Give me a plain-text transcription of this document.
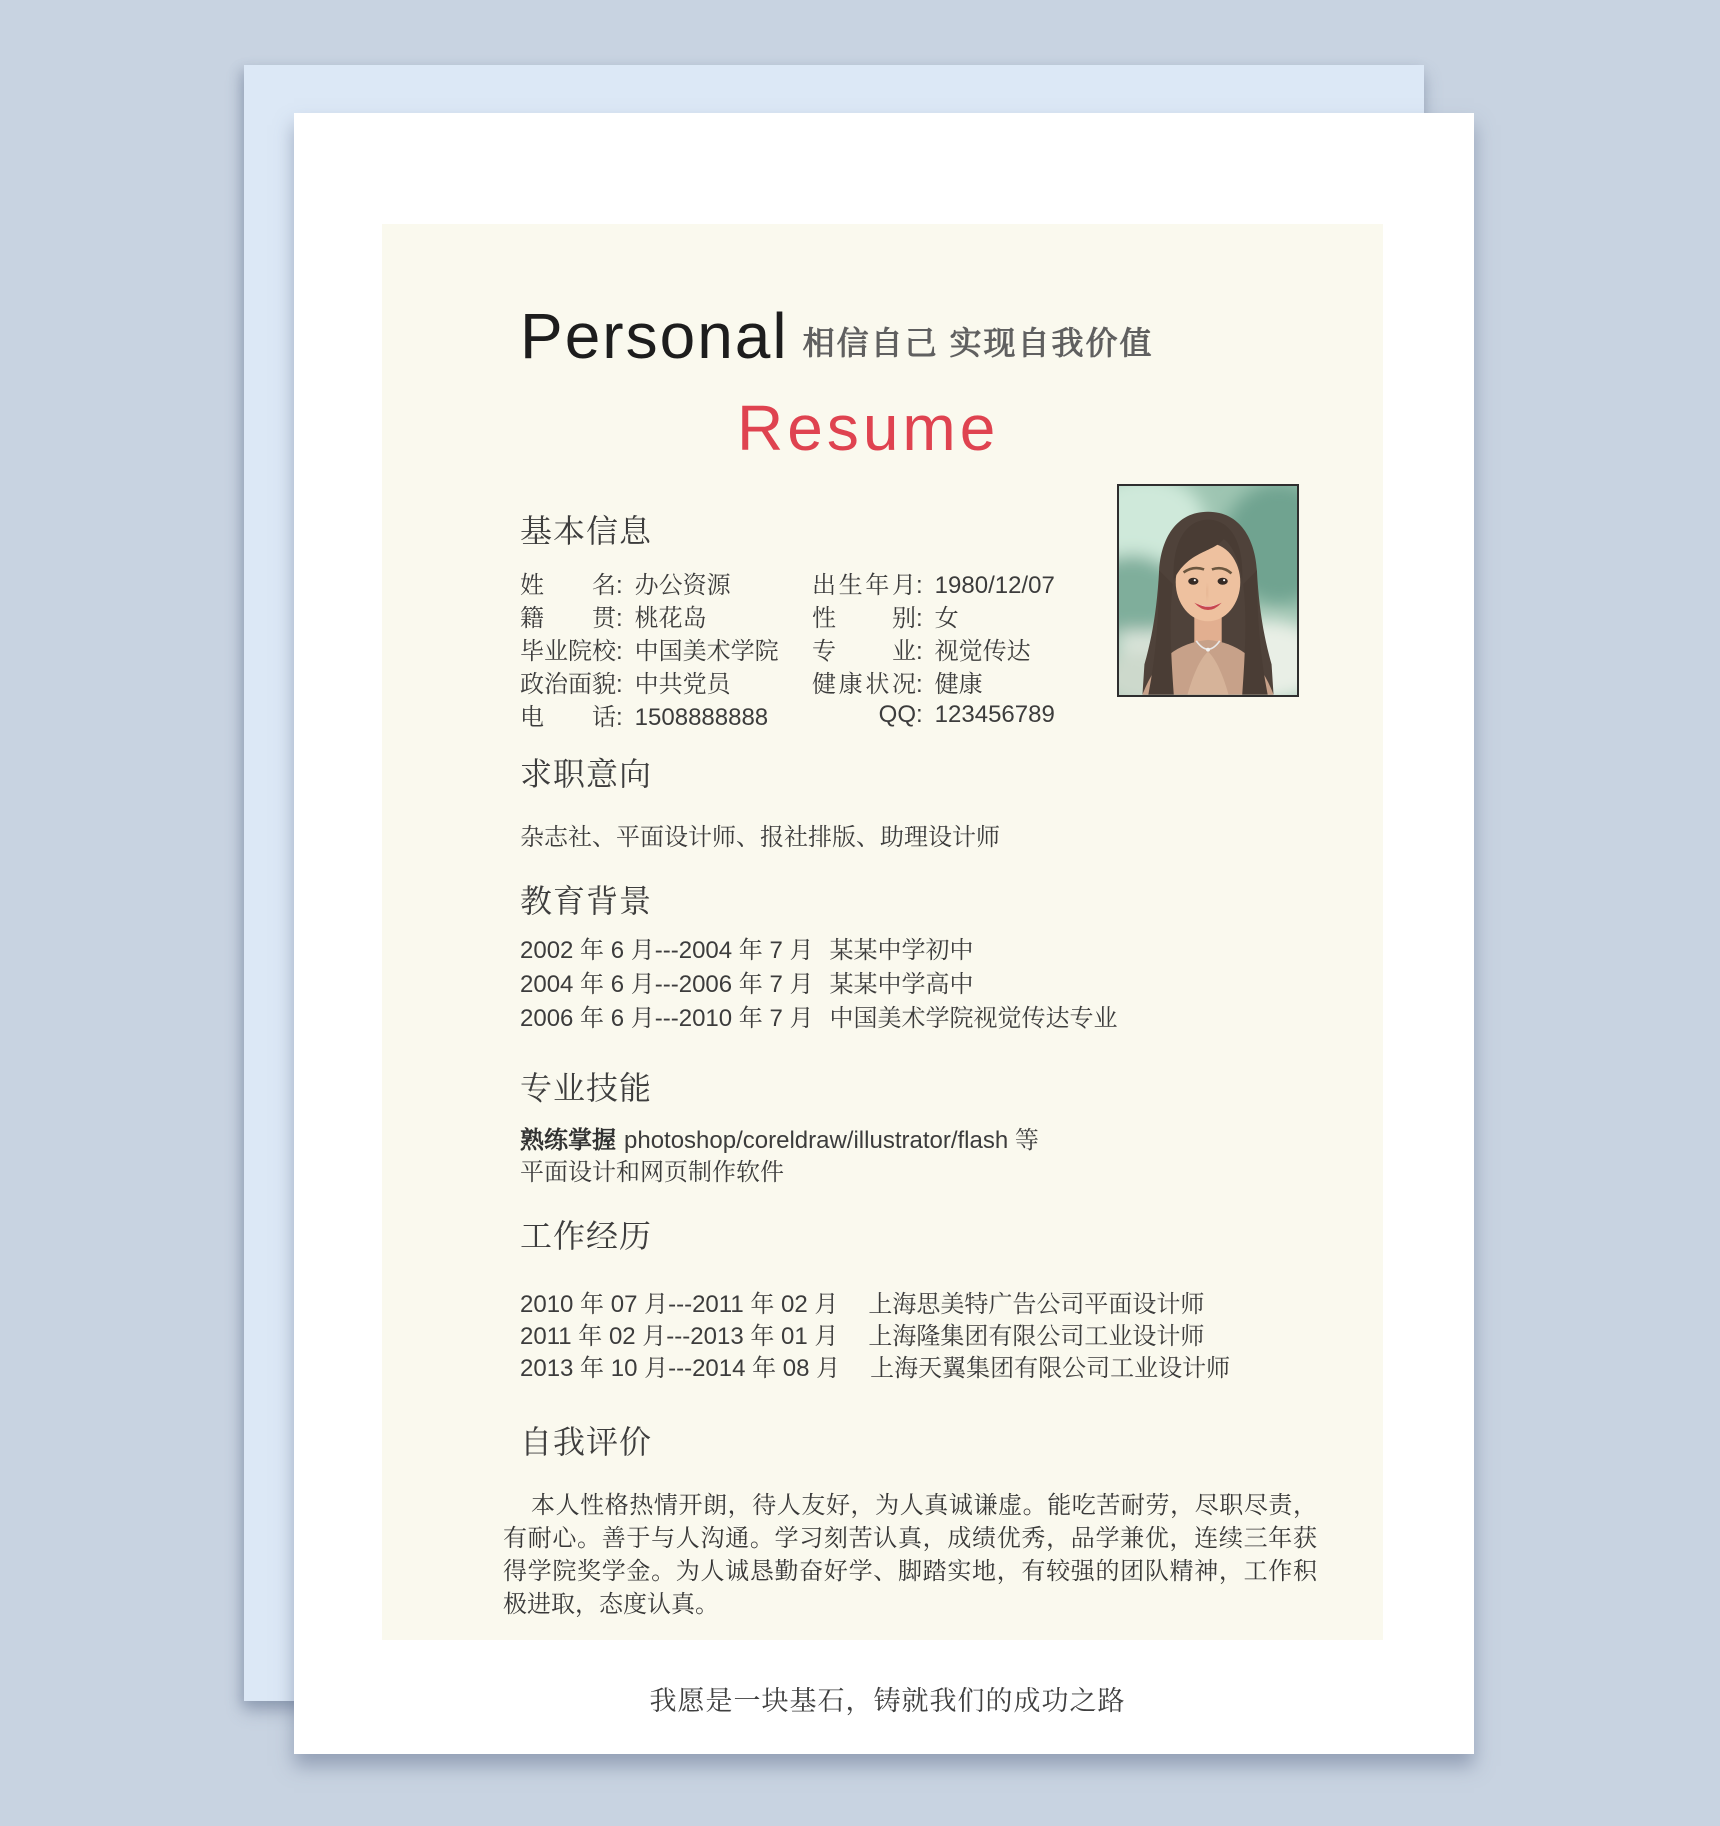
Personal 相信自己 实现自我价值
Resume
基本信息
姓名: 办公资源
籍贯: 桃花岛
毕业院校: 中国美术学院
政治面貌: 中共党员
电话: 1508888888
出生年月: 1980/12/07
性别: 女
专业: 视觉传达
健康状况: 健康
QQ: 123456789
求职意向
杂志社、平面设计师、报社排版、助理设计师
教育背景
2002 年 6 月---2004 年 7 月 某某中学初中
2004 年 6 月---2006 年 7 月 某某中学高中
2006 年 6 月---2010 年 7 月 中国美术学院视觉传达专业
专业技能
熟练掌握 photoshop/coreldraw/illustrator/flash 等
平面设计和网页制作软件
工作经历
2010 年 07 月---2011 年 02 月 上海思美特广告公司平面设计师
2011 年 02 月---2013 年 01 月 上海隆集团有限公司工业设计师
2013 年 10 月---2014 年 08 月 上海天翼集团有限公司工业设计师
自我评价

本人性格热情开朗，待人友好，为人真诚谦虚。能吃苦耐劳，尽职尽责，有耐心。善于与人沟通。学习刻苦认真，成绩优秀，品学兼优，连续三年获得学院奖学金。为人诚恳勤奋好学、脚踏实地，有较强的团队精神，工作积极进取，态度认真。

我愿是一块基石，铸就我们的成功之路
